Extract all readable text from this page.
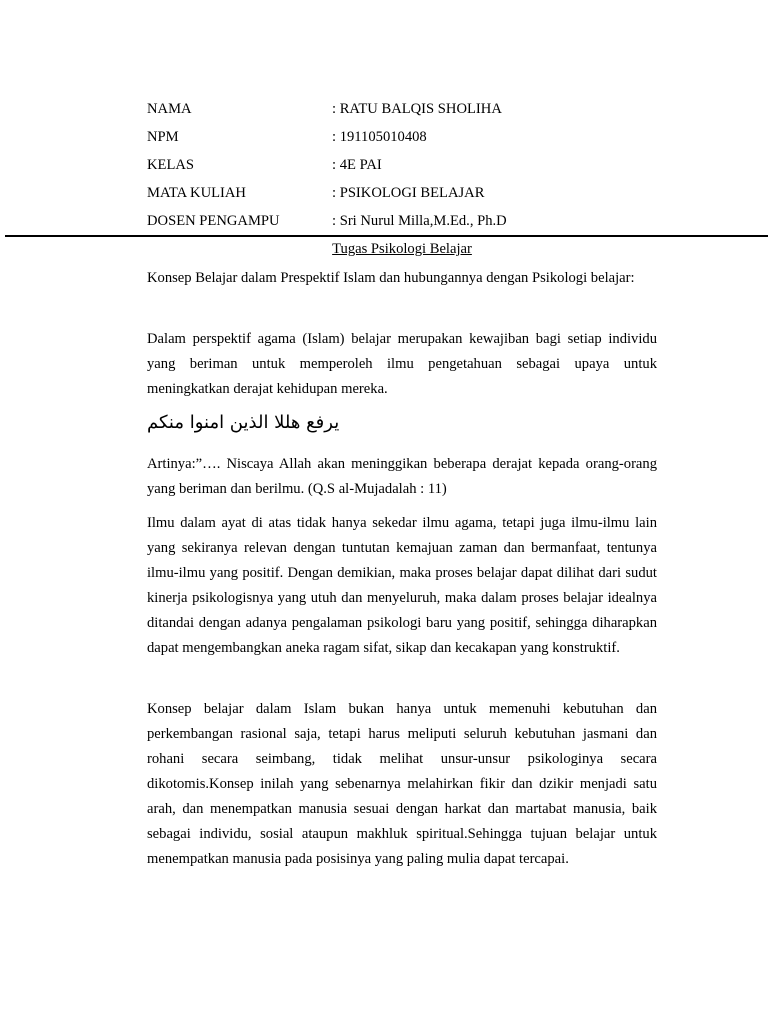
NAMA	: RATU BALQIS SHOLIHA
NPM	: 191105010408
KELAS	: 4E PAI
MATA KULIAH	: PSIKOLOGI BELAJAR
DOSEN PENGAMPU	: Sri Nurul Milla,M.Ed., Ph.D
Tugas Psikologi Belajar

Konsep Belajar dalam Prespektif Islam dan hubungannya dengan Psikologi belajar:

Dalam perspektif agama (Islam) belajar merupakan kewajiban bagi setiap individu yang beriman untuk memperoleh ilmu pengetahuan sebagai upaya untuk meningkatkan derajat kehidupan mereka.

يرفع هللا الذين امنوا منكم

Artinya:”…. Niscaya Allah akan meninggikan beberapa derajat kepada orang-orang yang beriman dan berilmu. (Q.S al-Mujadalah : 11)

Ilmu dalam ayat di atas tidak hanya sekedar ilmu agama, tetapi juga ilmu-ilmu lain yang sekiranya relevan dengan tuntutan kemajuan zaman dan bermanfaat, tentunya ilmu-ilmu yang positif. Dengan demikian, maka proses belajar dapat dilihat dari sudut kinerja psikologisnya yang utuh dan menyeluruh, maka dalam proses belajar idealnya ditandai dengan adanya pengalaman psikologi baru yang positif, sehingga diharapkan dapat mengembangkan aneka ragam sifat, sikap dan kecakapan yang konstruktif.

Konsep belajar dalam Islam bukan hanya untuk memenuhi kebutuhan dan perkembangan rasional saja, tetapi harus meliputi seluruh kebutuhan jasmani dan rohani secara seimbang, tidak melihat unsur-unsur psikologinya secara dikotomis.Konsep inilah yang sebenarnya melahirkan fikir dan dzikir menjadi satu arah, dan menempatkan manusia sesuai dengan harkat dan martabat manusia, baik sebagai individu, sosial ataupun makhluk spiritual.Sehingga tujuan belajar untuk menempatkan manusia pada posisinya yang paling mulia dapat tercapai.
